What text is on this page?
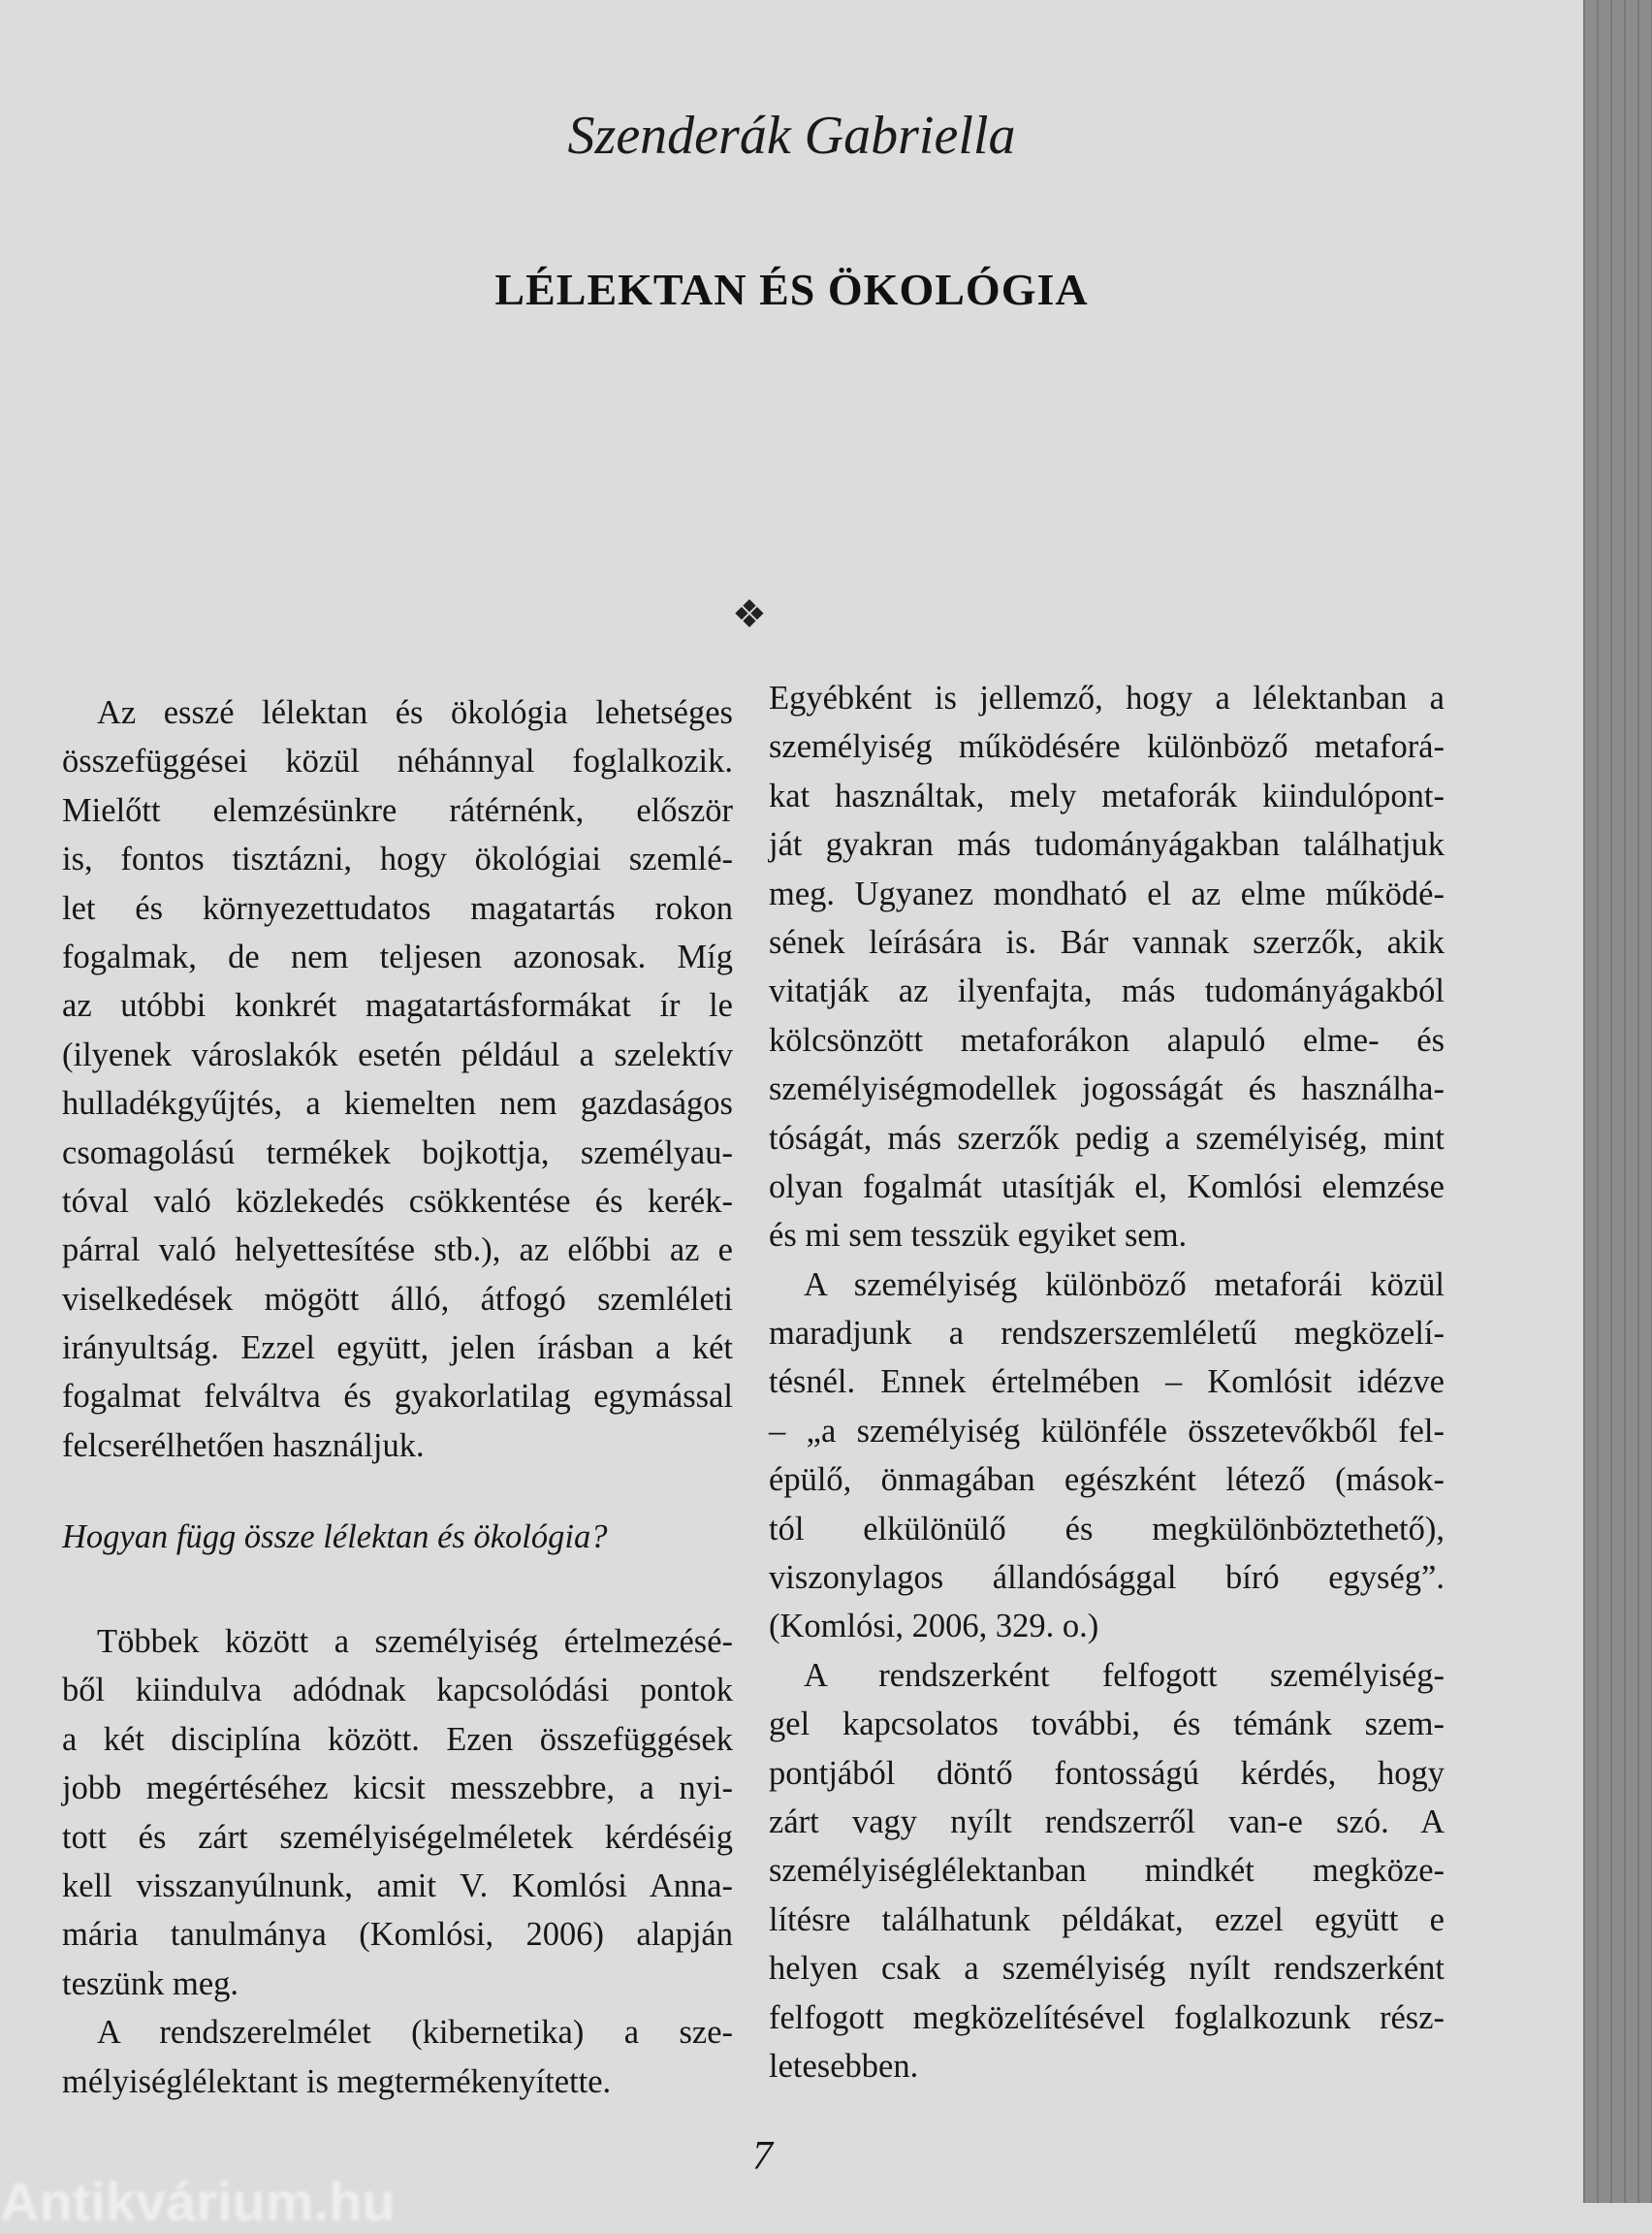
Szenderák Gabriella
LÉLEKTAN ÉS ÖKOLÓGIA
❖
Az esszé lélektan és ökológia lehetséges
összefüggései közül néhánnyal foglalkozik.
Mielőtt elemzésünkre rátérnénk, először
is, fontos tisztázni, hogy ökológiai szemlé-
let és környezettudatos magatartás rokon
fogalmak, de nem teljesen azonosak. Míg
az utóbbi konkrét magatartásformákat ír le
(ilyenek városlakók esetén például a szelektív
hulladékgyűjtés, a kiemelten nem gazdaságos
csomagolású termékek bojkottja, személyau-
tóval való közlekedés csökkentése és kerék-
párral való helyettesítése stb.), az előbbi az e
viselkedések mögött álló, átfogó szemléleti
irányultság. Ezzel együtt, jelen írásban a két
fogalmat felváltva és gyakorlatilag egymással
felcserélhetően használjuk.
Hogyan függ össze lélektan és ökológia?
Többek között a személyiség értelmezésé-
ből kiindulva adódnak kapcsolódási pontok
a két disciplína között. Ezen összefüggések
jobb megértéséhez kicsit messzebbre, a nyi-
tott és zárt személyiségelméletek kérdéséig
kell visszanyúlnunk, amit V. Komlósi Anna-
mária tanulmánya (Komlósi, 2006) alapján
teszünk meg.
A rendszerelmélet (kibernetika) a sze-
mélyiséglélektant is megtermékenyítette.
Egyébként is jellemző, hogy a lélektanban a
személyiség működésére különböző metaforá-
kat használtak, mely metaforák kiindulópont-
ját gyakran más tudományágakban találhatjuk
meg. Ugyanez mondható el az elme működé-
sének leírására is. Bár vannak szerzők, akik
vitatják az ilyenfajta, más tudományágakból
kölcsönzött metaforákon alapuló elme- és
személyiségmodellek jogosságát és használha-
tóságát, más szerzők pedig a személyiség, mint
olyan fogalmát utasítják el, Komlósi elemzése
és mi sem tesszük egyiket sem.
A személyiség különböző metaforái közül
maradjunk a rendszerszemléletű megközelí-
tésnél. Ennek értelmében – Komlósit idézve
– „a személyiség különféle összetevőkből fel-
épülő, önmagában egészként létező (mások-
tól elkülönülő és megkülönböztethető),
viszonylagos állandósággal bíró egység”.
(Komlósi, 2006, 329. o.)
A rendszerként felfogott személyiség-
gel kapcsolatos további, és témánk szem-
pontjából döntő fontosságú kérdés, hogy
zárt vagy nyílt rendszerről van-e szó. A
személyiséglélektanban mindkét megköze-
lítésre találhatunk példákat, ezzel együtt e
helyen csak a személyiség nyílt rendszerként
felfogott megközelítésével foglalkozunk rész-
letesebben.
7
Antikvárium.hu
